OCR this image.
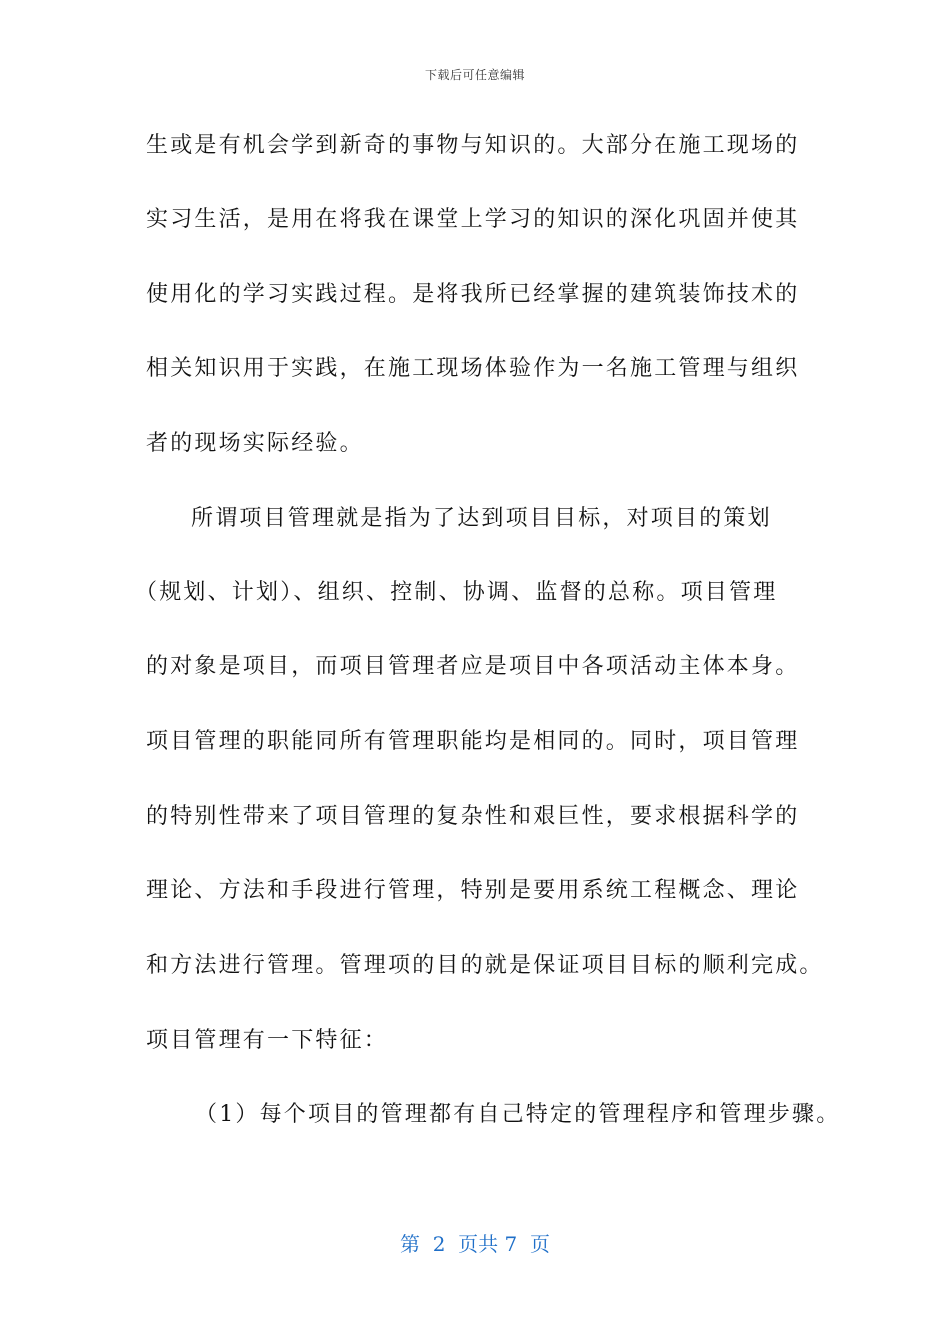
下载后可任意编辑
生或是有机会学到新奇的事物与知识的。大部分在施工现场的
实习生活，是用在将我在课堂上学习的知识的深化巩固并使其
使用化的学习实践过程。是将我所已经掌握的建筑装饰技术的
相关知识用于实践，在施工现场体验作为一名施工管理与组织
者的现场实际经验。
所谓项目管理就是指为了达到项目目标，对项目的策划
（规划、计划）、组织、控制、协调、监督的总称。项目管理
的对象是项目，而项目管理者应是项目中各项活动主体本身。
项目管理的职能同所有管理职能均是相同的。同时，项目管理
的特别性带来了项目管理的复杂性和艰巨性，要求根据科学的
理论、方法和手段进行管理，特别是要用系统工程概念、理论
和方法进行管理。管理项的目的就是保证项目目标的顺利完成。
项目管理有一下特征：
（1）每个项目的管理都有自己特定的管理程序和管理步骤。
第  2  页共 7  页
